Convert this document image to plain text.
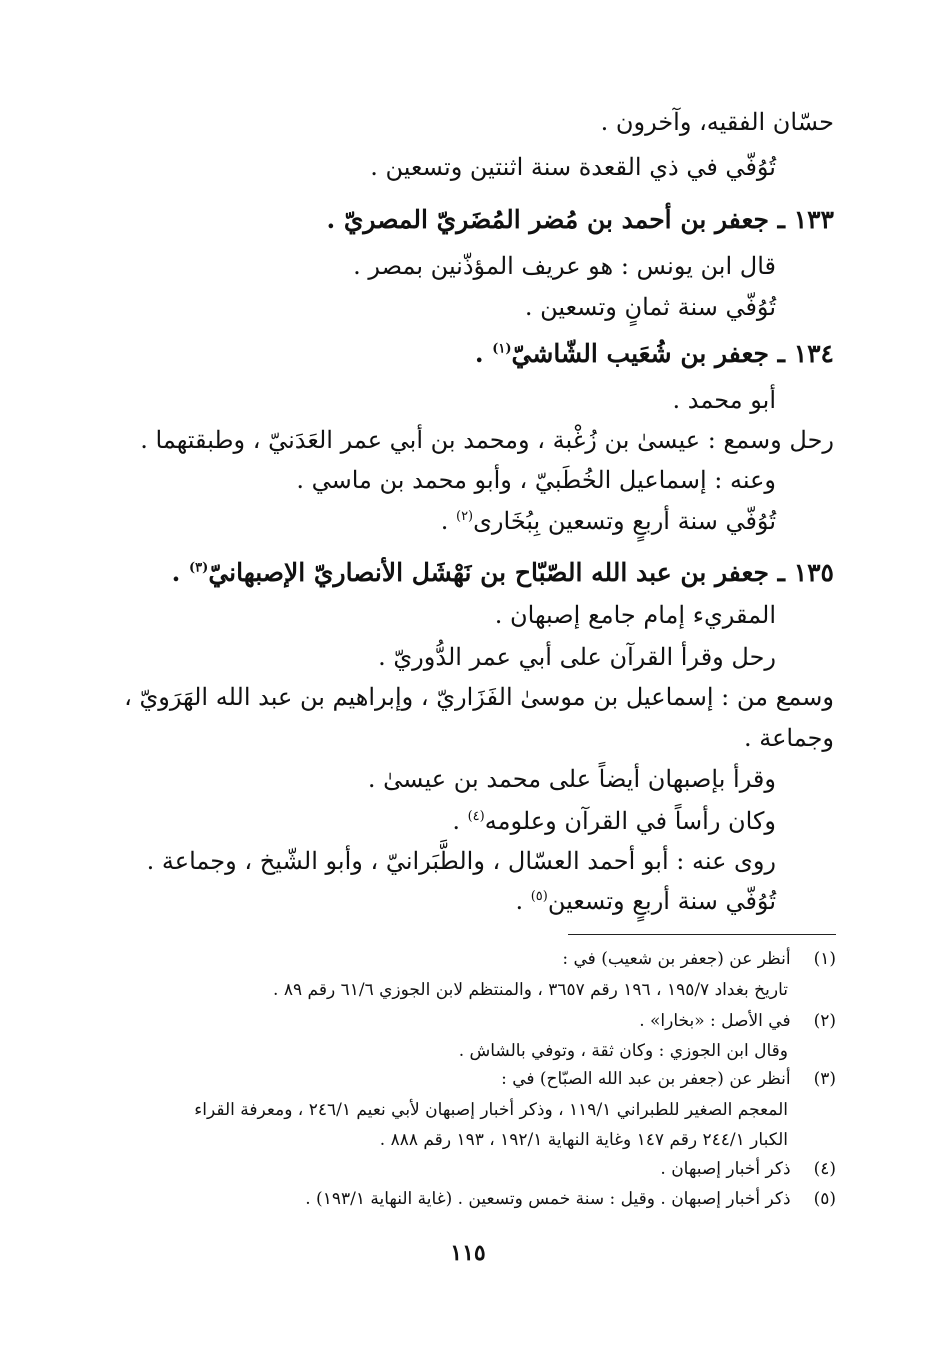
حسّان الفقيه، وآخرون .
تُوُفّي في ذي القعدة سنة اثنتين وتسعين .
١٣٣ ـ جعفر بن أحمد بن مُضر المُضَريّ المصريّ .
قال ابن يونس : هو عريف المؤذّنين بمصر .
تُوُفّي سنة ثمانٍ وتسعين .
١٣٤ ـ جعفر بن شُعَيب الشّاشيّ$^{(١)}$ .
أبو محمد .
رحل وسمع : عيسىٰ بن زُغْبة ، ومحمد بن أبي عمر العَدَنيّ ، وطبقتهما .
وعنه : إسماعيل الخُطَبيّ ، وأبو محمد بن ماسي .
تُوُفّي سنة أربعٍ وتسعين بِبُخَارى$^{(٢)}$ .
١٣٥ ـ جعفر بن عبد الله الصّبّاح بن نَهْشَل الأنصاريّ الإصبهانيّ$^{(٣)}$ .
المقريء إمام جامع إصبهان .
رحل وقرأ القرآن على أبي عمر الدُّوريّ .
وسمع من : إسماعيل بن موسىٰ الفَزَاريّ ، وإبراهيم بن عبد الله الهَرَويّ ،
وجماعة .
وقرأ بإصبهان أيضاً على محمد بن عيسىٰ .
وكان رأساً في القرآن وعلومه$^{(٤)}$ .
روى عنه : أبو أحمد العسّال ، والطَّبَرانيّ ، وأبو الشّيخ ، وجماعة .
تُوُفّي سنة أربعٍ وتسعين$^{(٥)}$ .
(١) أنظر عن (جعفر بن شعيب) في :
تاريخ بغداد ١٩٥/٧ ، ١٩٦ رقم ٣٦٥٧ ، والمنتظم لابن الجوزي ٦١/٦ رقم ٨٩ .
(٢) في الأصل : «بخارا» .
وقال ابن الجوزي : وكان ثقة ، وتوفي بالشاش .
(٣) أنظر عن (جعفر بن عبد الله الصبّاح) في :
المعجم الصغير للطبراني ١١٩/١ ، وذكر أخبار إصبهان لأبي نعيم ٢٤٦/١ ، ومعرفة القراء
الكبار ٢٤٤/١ رقم ١٤٧ وغاية النهاية ١٩٢/١ ، ١٩٣ رقم ٨٨٨ .
(٤) ذكر أخبار إصبهان .
(٥) ذكر أخبار إصبهان . وقيل : سنة خمس وتسعين . (غاية النهاية ١٩٣/١) .
١١٥
